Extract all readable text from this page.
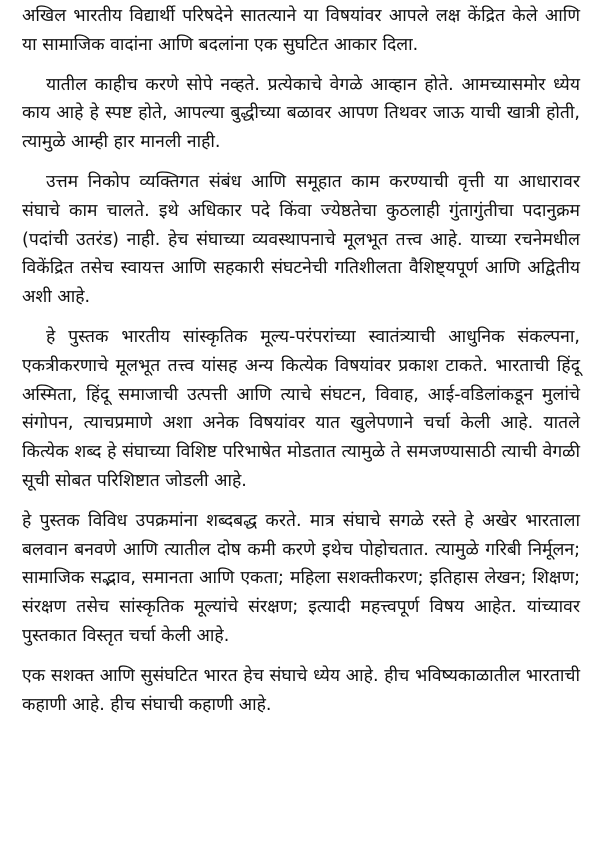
अखिल भारतीय विद्यार्थी परिषदेने सातत्याने या विषयांवर आपले लक्ष केंद्रित केले आणि या सामाजिक वादांना आणि बदलांना एक सुघटित आकार दिला.

यातील काहीच करणे सोपे नव्हते. प्रत्येकाचे वेगळे आव्हान होते. आमच्यासमोर ध्येय काय आहे हे स्पष्ट होते, आपल्या बुद्धीच्या बळावर आपण तिथवर जाऊ याची खात्री होती, त्यामुळे आम्ही हार मानली नाही.

उत्तम निकोप व्यक्तिगत संबंध आणि समूहात काम करण्याची वृत्ती या आधारावर संघाचे काम चालते. इथे अधिकार पदे किंवा ज्येष्ठतेचा कुठलाही गुंतागुंतीचा पदानुक्रम (पदांची उतरंड) नाही. हेच संघाच्या व्यवस्थापनाचे मूलभूत तत्त्व आहे. याच्या रचनेमधील विकेंद्रित तसेच स्वायत्त आणि सहकारी संघटनेची गतिशीलता वैशिष्ट्यपूर्ण आणि अद्वितीय अशी आहे.

हे पुस्तक भारतीय सांस्कृतिक मूल्य-परंपरांच्या स्वातंत्र्याची आधुनिक संकल्पना, एकत्रीकरणाचे मूलभूत तत्त्व यांसह अन्य कित्येक विषयांवर प्रकाश टाकते. भारताची हिंदू अस्मिता, हिंदू समाजाची उत्पत्ती आणि त्याचे संघटन, विवाह, आई-वडिलांकडून मुलांचे संगोपन, त्याचप्रमाणे अशा अनेक विषयांवर यात खुलेपणाने चर्चा केली आहे. यातले कित्येक शब्द हे संघाच्या विशिष्ट परिभाषेत मोडतात त्यामुळे ते समजण्यासाठी त्याची वेगळी सूची सोबत परिशिष्टात जोडली आहे.

हे पुस्तक विविध उपक्रमांना शब्दबद्ध करते. मात्र संघाचे सगळे रस्ते हे अखेर भारताला बलवान बनवणे आणि त्यातील दोष कमी करणे इथेच पोहोचतात. त्यामुळे गरिबी निर्मूलन; सामाजिक सद्भाव, समानता आणि एकता; महिला सशक्तीकरण; इतिहास लेखन; शिक्षण; संरक्षण तसेच सांस्कृतिक मूल्यांचे संरक्षण; इत्यादी महत्त्वपूर्ण विषय आहेत. यांच्यावर पुस्तकात विस्तृत चर्चा केली आहे.

एक सशक्त आणि सुसंघटित भारत हेच संघाचे ध्येय आहे. हीच भविष्यकाळातील भारताची कहाणी आहे. हीच संघाची कहाणी आहे.
